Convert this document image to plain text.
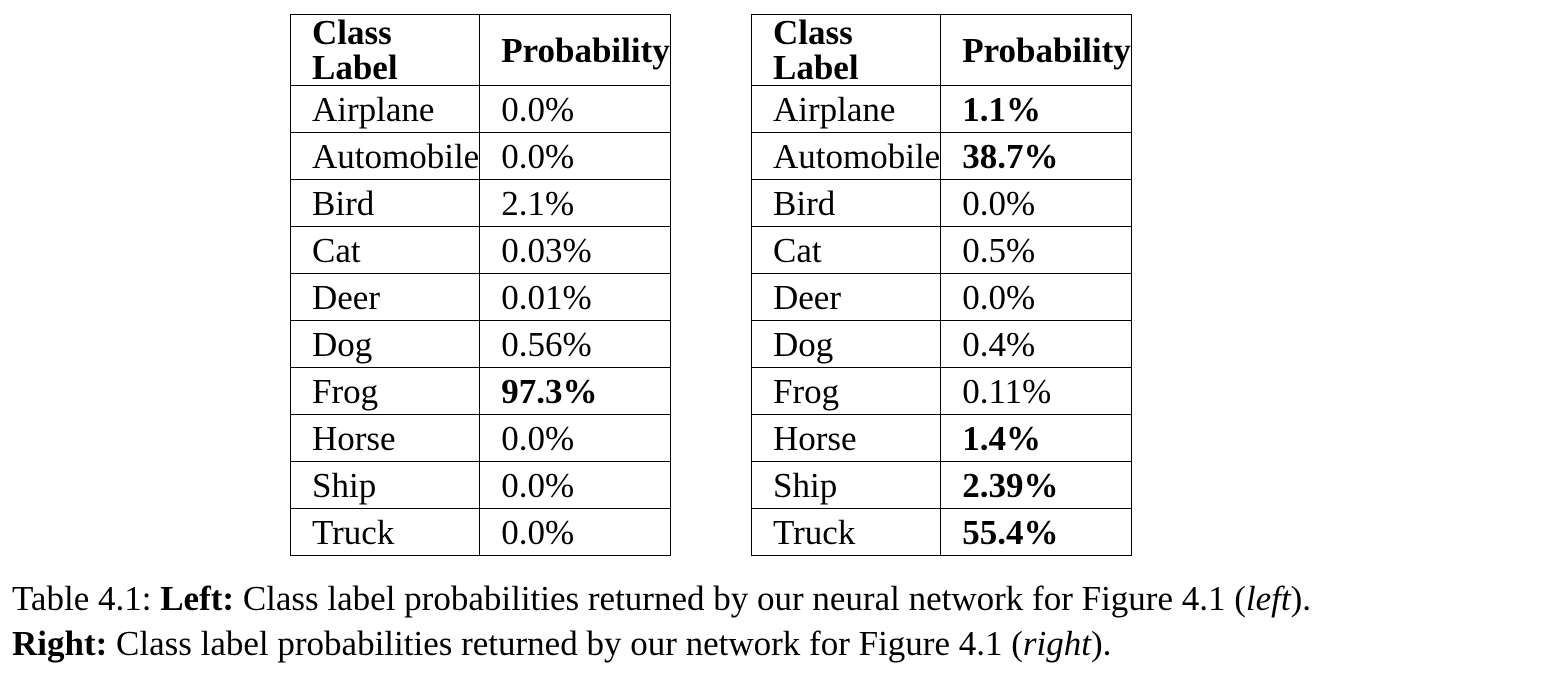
Class Label	Probability
Airplane	0.0%
Automobile	0.0%
Bird	2.1%
Cat	0.03%
Deer	0.01%
Dog	0.56%
Frog	97.3%
Horse	0.0%
Ship	0.0%
Truck	0.0%
Class Label	Probability
Airplane	1.1%
Automobile	38.7%
Bird	0.0%
Cat	0.5%
Deer	0.0%
Dog	0.4%
Frog	0.11%
Horse	1.4%
Ship	2.39%
Truck	55.4%

Table 4.1: Left: Class label probabilities returned by our neural network for Figure 4.1 (left).

Right: Class label probabilities returned by our network for Figure 4.1 (right).
